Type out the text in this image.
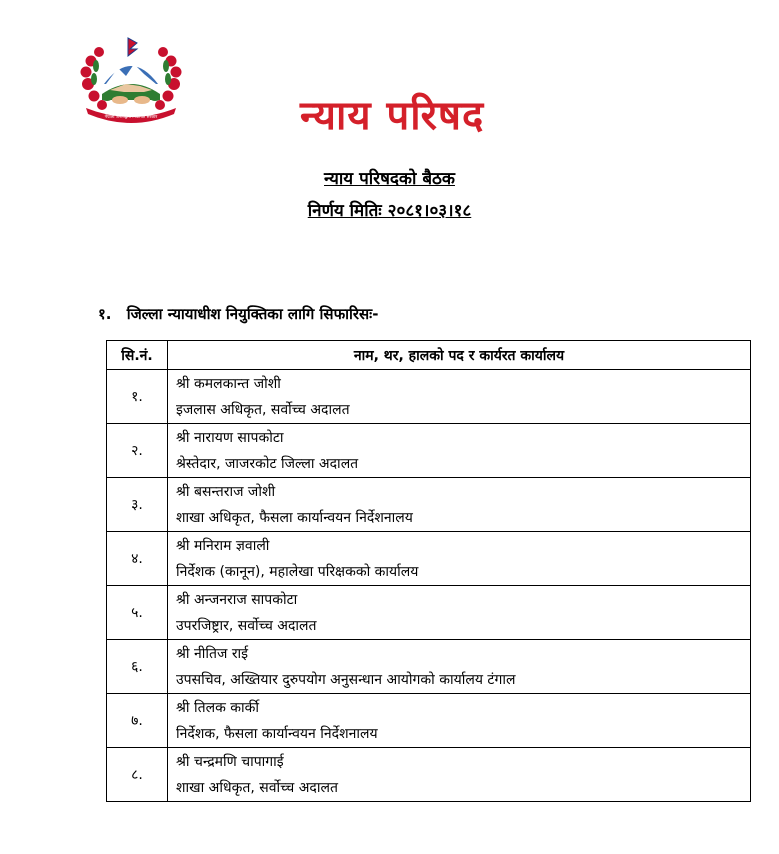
नेपाली जनताद्वारा निर्वाचित सरकार	न्याय परिषद
न्याय परिषदको बैठक
निर्णय मितिः २०८१।०३।१८
१. जिल्ला न्यायाधीश नियुक्तिका लागि सिफारिसः-
सि.नं.	नाम, थर, हालको पद र कार्यरत कार्यालय
१.	श्री कमलकान्त जोशी
इजलास अधिकृत, सर्वोच्च अदालत

२.	श्री नारायण सापकोटा
श्रेस्तेदार, जाजरकोट जिल्ला अदालत

३.	श्री बसन्तराज जोशी
शाखा अधिकृत, फैसला कार्यान्वयन निर्देशनालय

४.	श्री मनिराम ज्ञवाली
निर्देशक (कानून), महालेखा परिक्षकको कार्यालय

५.	श्री अन्जनराज सापकोटा
उपरजिष्ट्रार, सर्वोच्च अदालत

६.	श्री नीतिज राई
उपसचिव, अख्तियार दुरुपयोग अनुसन्धान आयोगको कार्यालय टंगाल

७.	श्री तिलक कार्की
निर्देशक, फैसला कार्यान्वयन निर्देशनालय

८.	श्री चन्द्रमणि चापागाई
शाखा अधिकृत, सर्वोच्च अदालत
